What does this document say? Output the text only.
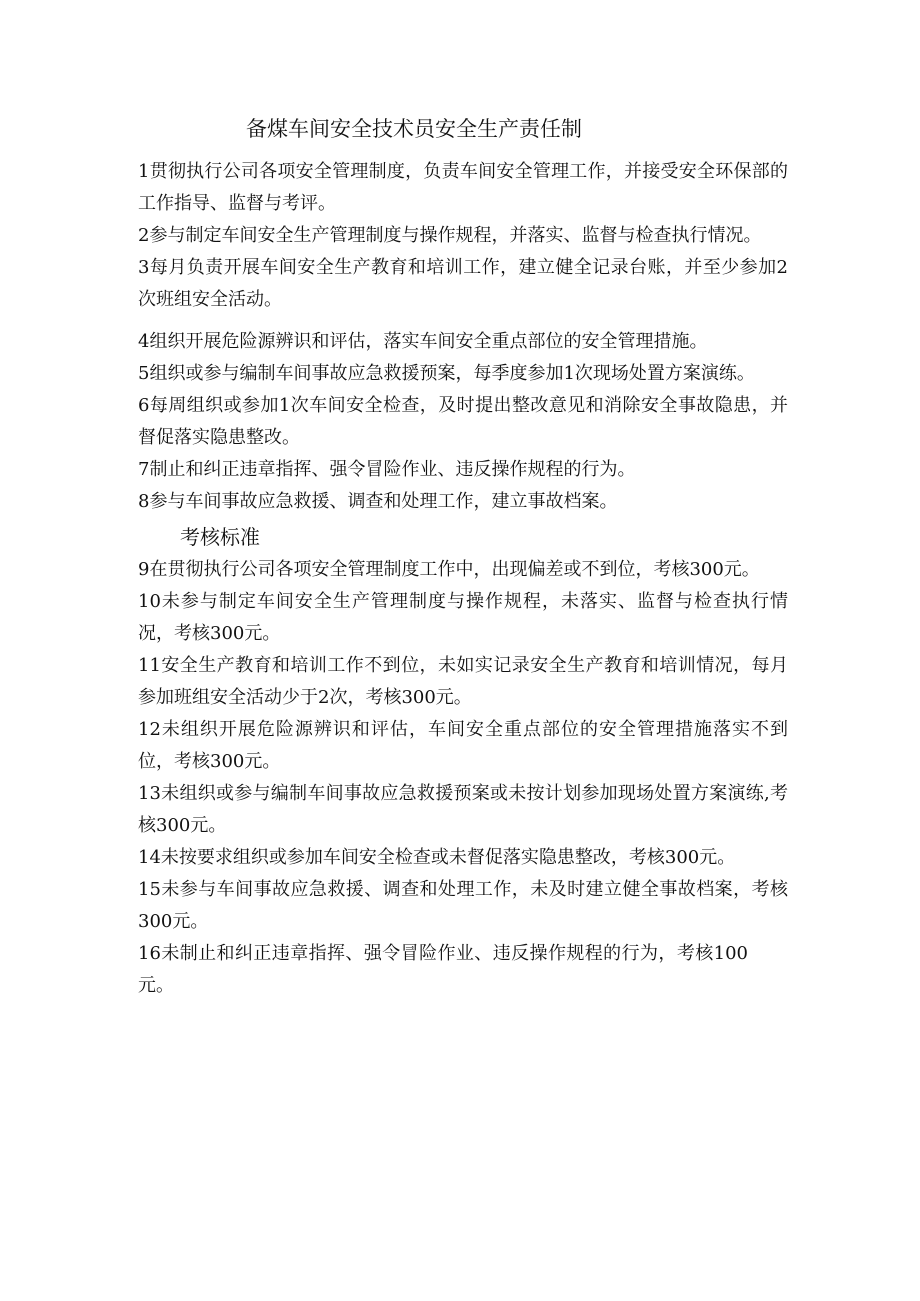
备煤车间安全技术员安全生产责任制

1贯彻执行公司各项安全管理制度，负责车间安全管理工作，并接受安全环保部的工作指导、监督与考评。

2参与制定车间安全生产管理制度与操作规程，并落实、监督与检查执行情况。

3每月负责开展车间安全生产教育和培训工作，建立健全记录台账，并至少参加2次班组安全活动。

4组织开展危险源辨识和评估，落实车间安全重点部位的安全管理措施。

5组织或参与编制车间事故应急救援预案，每季度参加1次现场处置方案演练。

6每周组织或参加1次车间安全检查，及时提出整改意见和消除安全事故隐患，并督促落实隐患整改。

7制止和纠正违章指挥、强令冒险作业、违反操作规程的行为。

8参与车间事故应急救援、调查和处理工作，建立事故档案。

考核标准

9在贯彻执行公司各项安全管理制度工作中，出现偏差或不到位，考核300元。

10未参与制定车间安全生产管理制度与操作规程，未落实、监督与检查执行情况，考核300元。

11安全生产教育和培训工作不到位，未如实记录安全生产教育和培训情况，每月参加班组安全活动少于2次，考核300元。

12未组织开展危险源辨识和评估，车间安全重点部位的安全管理措施落实不到位，考核300元。

13未组织或参与编制车间事故应急救援预案或未按计划参加现场处置方案演练,考核300元。

14未按要求组织或参加车间安全检查或未督促落实隐患整改，考核300元。

15未参与车间事故应急救援、调查和处理工作，未及时建立健全事故档案，考核300元。

16未制止和纠正违章指挥、强令冒险作业、违反操作规程的行为，考核100元。
